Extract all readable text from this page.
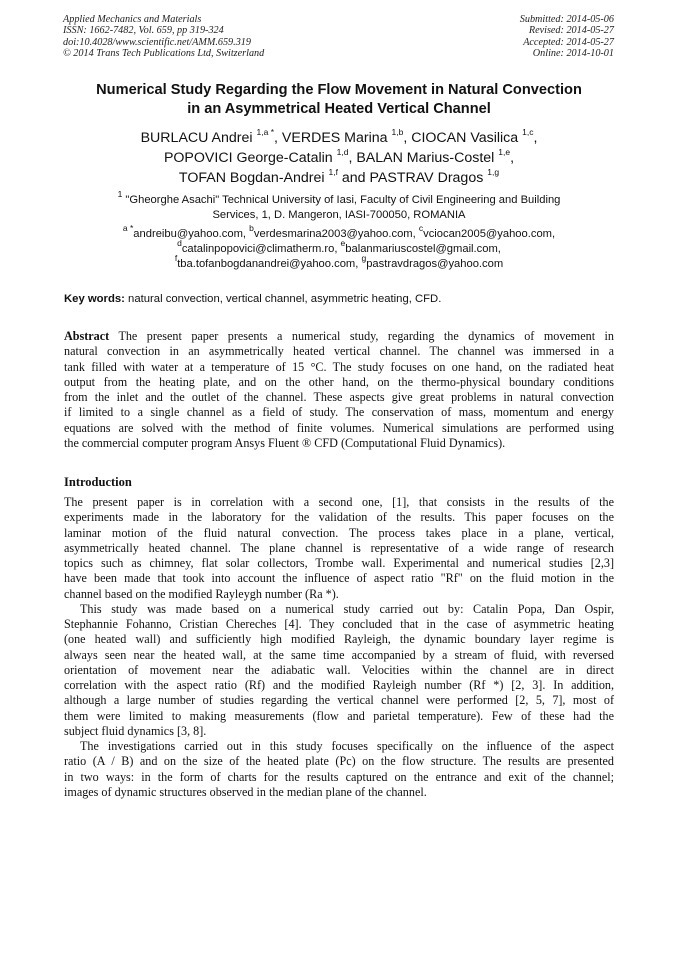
Applied Mechanics and Materials
ISSN: 1662-7482, Vol. 659, pp 319-324
doi:10.4028/www.scientific.net/AMM.659.319
© 2014 Trans Tech Publications Ltd, Switzerland
Submitted: 2014-05-06
Revised: 2014-05-27
Accepted: 2014-05-27
Online: 2014-10-01
Numerical Study Regarding the Flow Movement in Natural Convection
in an Asymmetrical Heated Vertical Channel
BURLACU Andrei $^{1,a *}$, VERDES Marina $^{1,b}$, CIOCAN Vasilica $^{1,c}$,
POPOVICI George-Catalin $^{1,d}$, BALAN Marius-Costel $^{1,e}$,
TOFAN Bogdan-Andrei $^{1,f}$ and PASTRAV Dragos $^{1,g}$
$^1$ "Gheorghe Asachi" Technical University of Iasi, Faculty of Civil Engineering and Building
Services, 1, D. Mangeron, IASI-700050, ROMANIA
$^{a *}$andreibu@yahoo.com, $^b$verdesmarina2003@yahoo.com, $^c$vciocan2005@yahoo.com,
$^d$catalinpopovici@climatherm.ro, $^e$balanmariuscostel@gmail.com,
$^f$tba.tofanbogdanandrei@yahoo.com, $^g$pastravdragos@yahoo.com
Key words: natural convection, vertical channel, asymmetric heating, CFD.
Abstract The present paper presents a numerical study, regarding the dynamics of movement in
natural convection in an asymmetrically heated vertical channel. The channel was immersed in a
tank filled with water at a temperature of 15 °C. The study focuses on one hand, on the radiated heat
output from the heating plate, and on the other hand, on the thermo-physical boundary conditions
from the inlet and the outlet of the channel. These aspects give great problems in natural convection
if limited to a single channel as a field of study. The conservation of mass, momentum and energy
equations are solved with the method of finite volumes. Numerical simulations are performed using
the commercial computer program Ansys Fluent ® CFD (Computational Fluid Dynamics).
Introduction
The present paper is in correlation with a second one, [1], that consists in the results of the
experiments made in the laboratory for the validation of the results. This paper focuses on the
laminar motion of the fluid natural convection. The process takes place in a plane, vertical,
asymmetrically heated channel. The plane channel is representative of a wide range of research
topics such as chimney, flat solar collectors, Trombe wall. Experimental and numerical studies [2,3]
have been made that took into account the influence of aspect ratio "Rf" on the fluid motion in the
channel based on the modified Rayleygh number (Ra *).
This study was made based on a numerical study carried out by: Catalin Popa, Dan Ospir,
Stephannie Fohanno, Cristian Chereches [4]. They concluded that in the case of asymmetric heating
(one heated wall) and sufficiently high modified Rayleigh, the dynamic boundary layer regime is
always seen near the heated wall, at the same time accompanied by a stream of fluid, with reversed
orientation of movement near the adiabatic wall. Velocities within the channel are in direct
correlation with the aspect ratio (Rf) and the modified Rayleigh number (Rf *) [2, 3]. In addition,
although a large number of studies regarding the vertical channel were performed [2, 5, 7], most of
them were limited to making measurements (flow and parietal temperature). Few of these had the
subject fluid dynamics [3, 8].
The investigations carried out in this study focuses specifically on the influence of the aspect
ratio (A / B) and on the size of the heated plate (Pc) on the flow structure. The results are presented
in two ways: in the form of charts for the results captured on the entrance and exit of the channel;
images of dynamic structures observed in the median plane of the channel.
